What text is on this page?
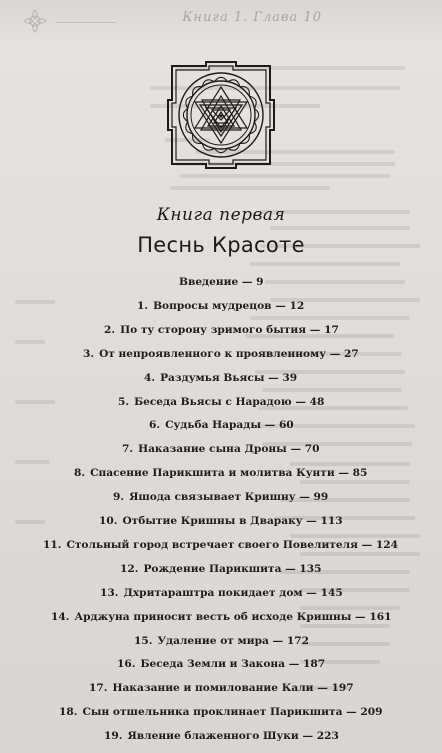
Книга 1. Глава 10
Книга первая
Песнь Красоте
Введение — 9
1. Вопросы мудрецов — 12
2. По ту сторону зримого бытия — 17
3. От непроявленного к проявленному — 27
4. Раздумья Вьясы — 39
5. Беседа Вьясы с Нарадою — 48
6. Судьба Нарады — 60
7. Наказание сына Дроны — 70
8. Спасение Парикшита и молитва Кунти — 85
9. Яшода связывает Кришну — 99
10. Отбытие Кришны в Двараку — 113
11. Стольный город встречает своего Повелителя — 124
12. Рождение Парикшита — 135
13. Дхритараштра покидает дом — 145
14. Арджуна приносит весть об исходе Кришны — 161
15. Удаление от мира — 172
16. Беседа Земли и Закона — 187
17. Наказание и помилование Кали — 197
18. Сын отшельника проклинает Парикшита — 209
19. Явление блаженного Шуки — 223
